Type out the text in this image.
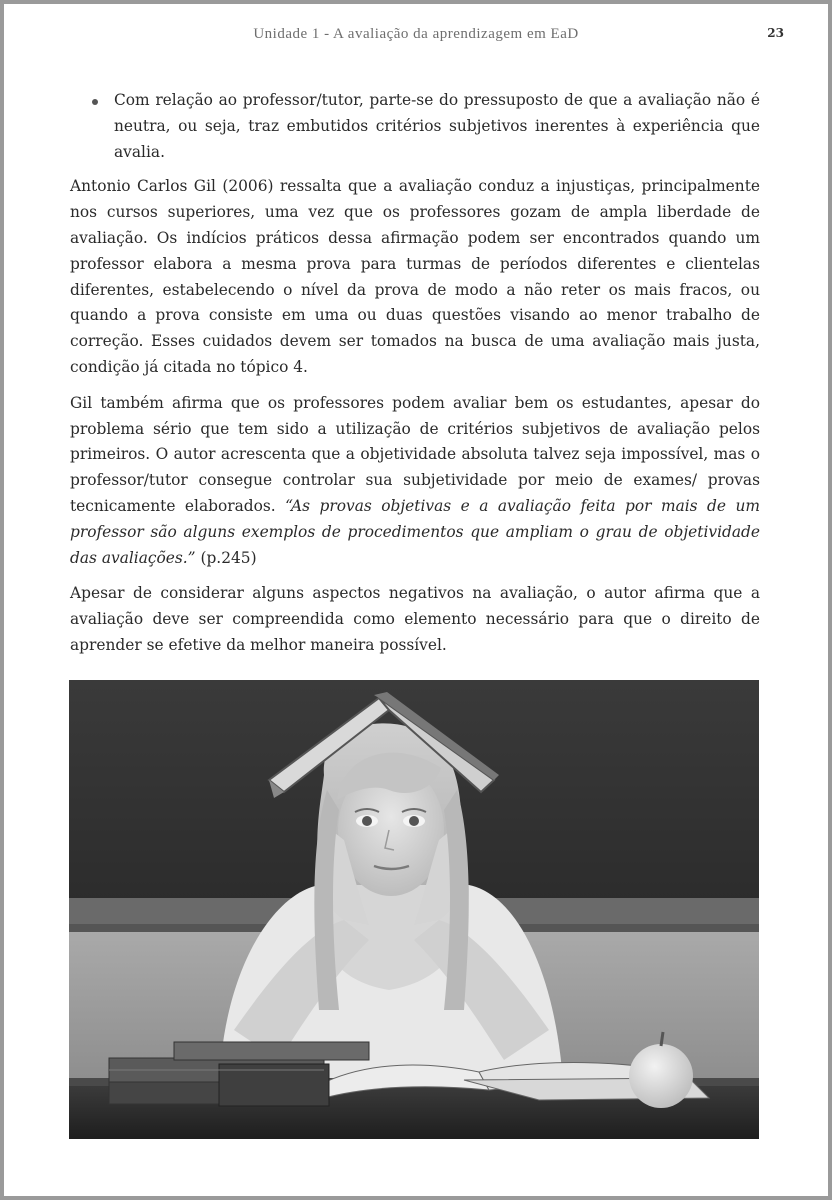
Unidade 1 - A avaliação da aprendizagem em EaD	23
Com relação ao professor/tutor, parte-se do pressuposto de que a avaliação não é neutra, ou seja, traz embutidos critérios subjetivos inerentes à experiência que avalia.

Antonio Carlos Gil (2006) ressalta que a avaliação conduz a injustiças, principalmente nos cursos superiores, uma vez que os professores gozam de ampla liberdade de avaliação. Os indícios práticos dessa afirmação podem ser encontrados quando um professor elabora a mesma prova para turmas de períodos diferentes e clientelas diferentes, estabelecendo o nível da prova de modo a não reter os mais fracos, ou quando a prova consiste em uma ou duas questões visando ao menor trabalho de correção. Esses cuidados devem ser tomados na busca de uma avaliação mais justa, condição já citada no tópico 4.

Gil também afirma que os professores podem avaliar bem os estudantes, apesar do problema sério que tem sido a utilização de critérios subjetivos de avaliação pelos primeiros. O autor acrescenta que a objetividade absoluta talvez seja impossível, mas o professor/tutor consegue controlar sua subjetividade por meio de exames/ provas tecnicamente elaborados. “As provas objetivas e a avaliação feita por mais de um professor são alguns exemplos de procedimentos que ampliam o grau de objetividade das avaliações.” (p.245)

Apesar de considerar alguns aspectos negativos na avaliação, o autor afirma que a avaliação deve ser compreendida como elemento necessário para que o direito de aprender se efetive da melhor maneira possível.
